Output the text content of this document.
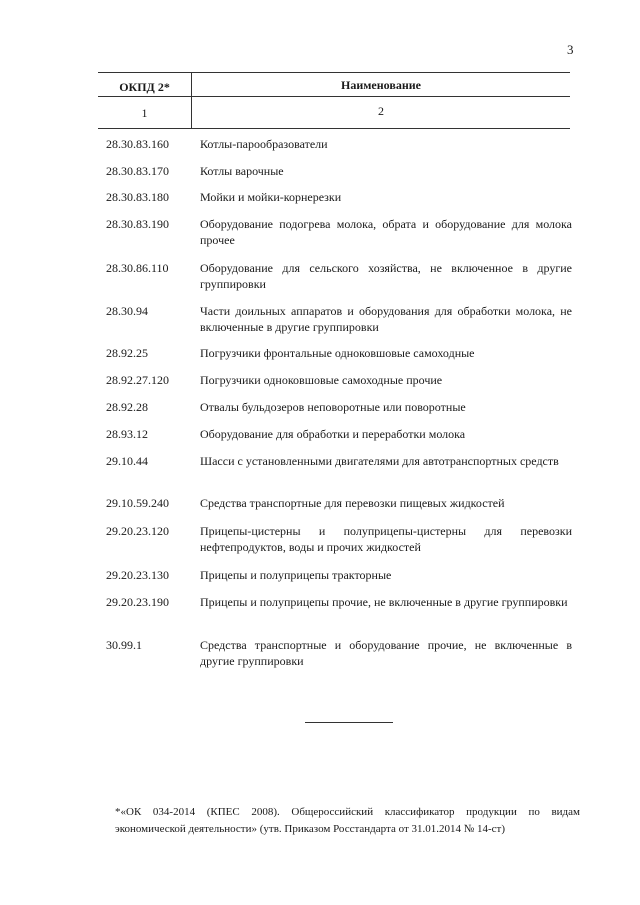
3
ОКПД 2*	Наименование
1	2
28.30.83.160	Котлы-парообразователи
28.30.83.170	Котлы варочные
28.30.83.180	Мойки и мойки-корнерезки
28.30.83.190	Оборудование подогрева молока, обрата и оборудование для молока прочее
28.30.86.110	Оборудование для сельского хозяйства, не включенное в другие группировки
28.30.94	Части доильных аппаратов и оборудования для обработки молока, не включенные в другие группировки
28.92.25	Погрузчики фронтальные одноковшовые самоходные
28.92.27.120	Погрузчики одноковшовые самоходные прочие
28.92.28	Отвалы бульдозеров неповоротные или поворотные
28.93.12	Оборудование для обработки и переработки молока
29.10.44	Шасси с установленными двигателями для автотранспортных средств
29.10.59.240	Средства транспортные для перевозки пищевых жидкостей
29.20.23.120	Прицепы-цистерны и полуприцепы-цистерны для перевозки нефтепродуктов, воды и прочих жидкостей
29.20.23.130	Прицепы и полуприцепы тракторные
29.20.23.190	Прицепы и полуприцепы прочие, не включенные в другие группировки
30.99.1	Средства транспортные и оборудование прочие, не включенные в другие группировки
*«ОК 034-2014 (КПЕС 2008). Общероссийский классификатор продукции по видам экономической деятельности» (утв. Приказом Росстандарта от 31.01.2014 № 14-ст)
